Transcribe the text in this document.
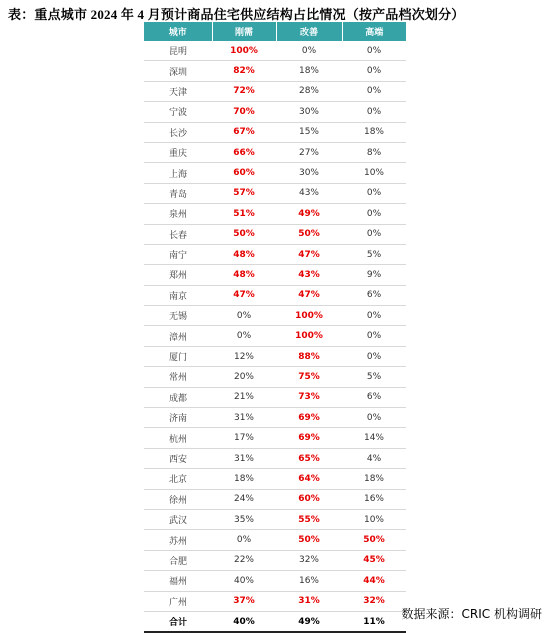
表：重点城市 2024 年 4 月预计商品住宅供应结构占比情况（按产品档次划分）
城市	刚需	改善	高端
昆明	100%	0%	0%
深圳	82%	18%	0%
天津	72%	28%	0%
宁波	70%	30%	0%
长沙	67%	15%	18%
重庆	66%	27%	8%
上海	60%	30%	10%
青岛	57%	43%	0%
泉州	51%	49%	0%
长春	50%	50%	0%
南宁	48%	47%	5%
郑州	48%	43%	9%
南京	47%	47%	6%
无锡	0%	100%	0%
漳州	0%	100%	0%
厦门	12%	88%	0%
常州	20%	75%	5%
成都	21%	73%	6%
济南	31%	69%	0%
杭州	17%	69%	14%
西安	31%	65%	4%
北京	18%	64%	18%
徐州	24%	60%	16%
武汉	35%	55%	10%
苏州	0%	50%	50%
合肥	22%	32%	45%
福州	40%	16%	44%
广州	37%	31%	32%
合计	40%	49%	11%
数据来源：CRIC 机构调研
